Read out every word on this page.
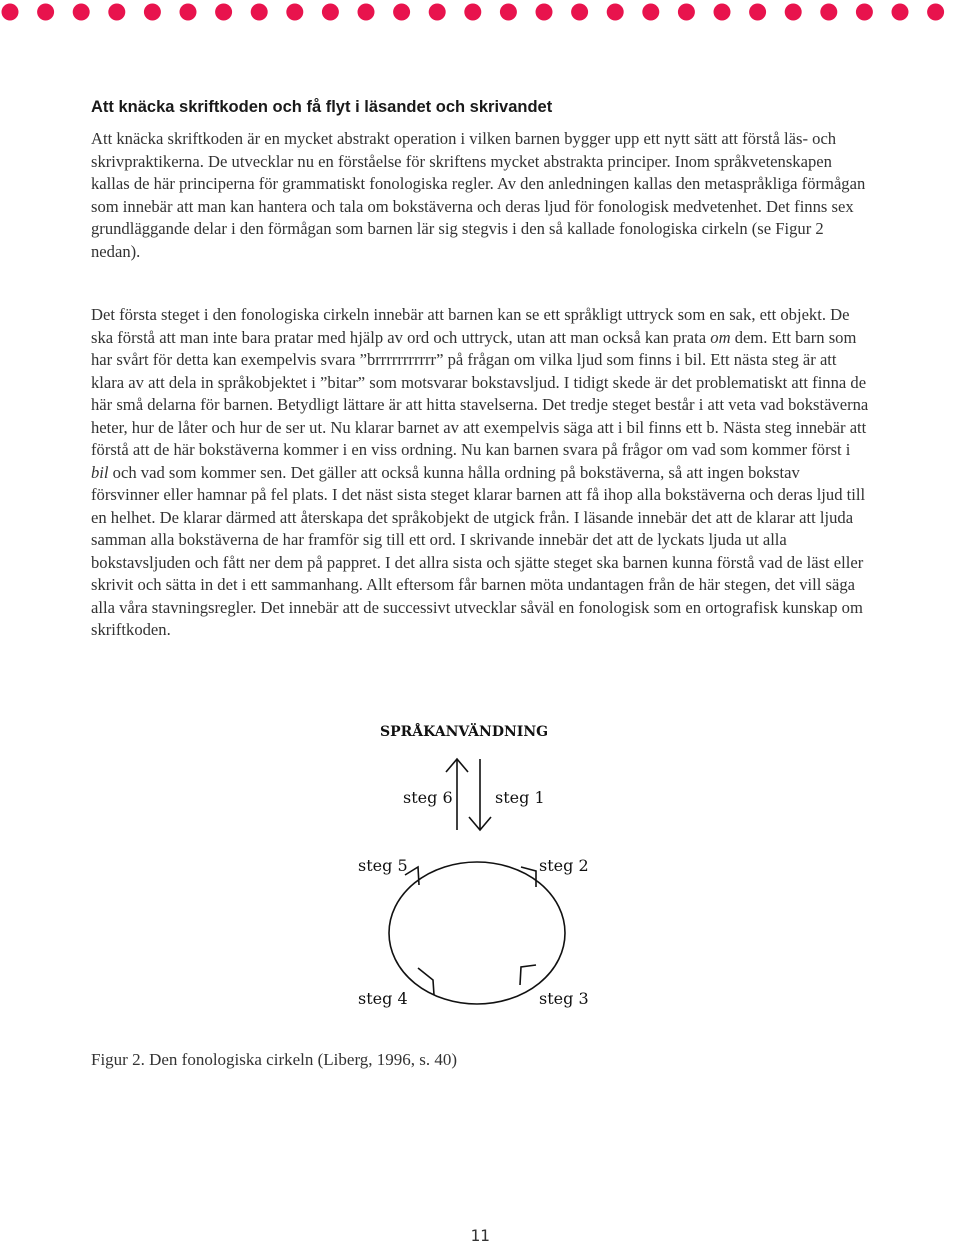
Att knäcka skriftkoden och få flyt i läsandet och skrivandet

Att knäcka skriftkoden är en mycket abstrakt operation i vilken barnen bygger upp ett nytt sätt att förstå läs- och skrivpraktikerna. De utvecklar nu en förståelse för skriftens mycket abstrakta principer. Inom språkvetenskapen kallas de här principerna för grammatiskt fonologiska regler. Av den anledningen kallas den metaspråkliga förmågan som innebär att man kan hantera och tala om bokstäverna och deras ljud för fonologisk medvetenhet. Det finns sex grundläggande delar i den förmågan som barnen lär sig stegvis i den så kallade fonologiska cirkeln (se Figur 2 nedan).

Det första steget i den fonologiska cirkeln innebär att barnen kan se ett språkligt uttryck som en sak, ett objekt. De ska förstå att man inte bara pratar med hjälp av ord och uttryck, utan att man också kan prata om dem. Ett barn som har svårt för detta kan exempelvis svara ”brrrrrrrrrrr” på frågan om vilka ljud som finns i bil. Ett nästa steg är att klara av att dela in språkobjektet i ”bitar” som motsvarar bokstavsljud. I tidigt skede är det problematiskt att finna de här små delarna för barnen. Betydligt lättare är att hitta stavelserna. Det tredje steget består i att veta vad bokstäverna heter, hur de låter och hur de ser ut. Nu klarar barnet av att exempelvis säga att i bil finns ett b. Nästa steg innebär att förstå att de här bokstäverna kommer i en viss ordning. Nu kan barnen svara på frågor om vad som kommer först i bil och vad som kommer sen. Det gäller att också kunna hålla ordning på bokstäverna, så att ingen bokstav försvinner eller hamnar på fel plats. I det näst sista steget klarar barnen att få ihop alla bokstäverna och deras ljud till en helhet. De klarar därmed att återskapa det språkobjekt de utgick från. I läsande innebär det att de klarar att ljuda samman alla bokstäverna de har framför sig till ett ord. I skrivande innebär det att de lyckats ljuda ut alla bokstavsljuden och fått ner dem på pappret. I det allra sista och sjätte steget ska barnen kunna förstå vad de läst eller skrivit och sätta in det i ett sammanhang. Allt eftersom får barnen möta undantagen från de här stegen, det vill säga alla våra stavningsregler. Det innebär att de successivt utvecklar såväl en fonologisk som en ortografisk kunskap om skriftkoden.

SPRÅKANVÄNDNING
steg 6	steg 1
steg 5	steg 2
steg 4	steg 3

Figur 2. Den fonologiska cirkeln (Liberg, 1996, s. 40)

11
